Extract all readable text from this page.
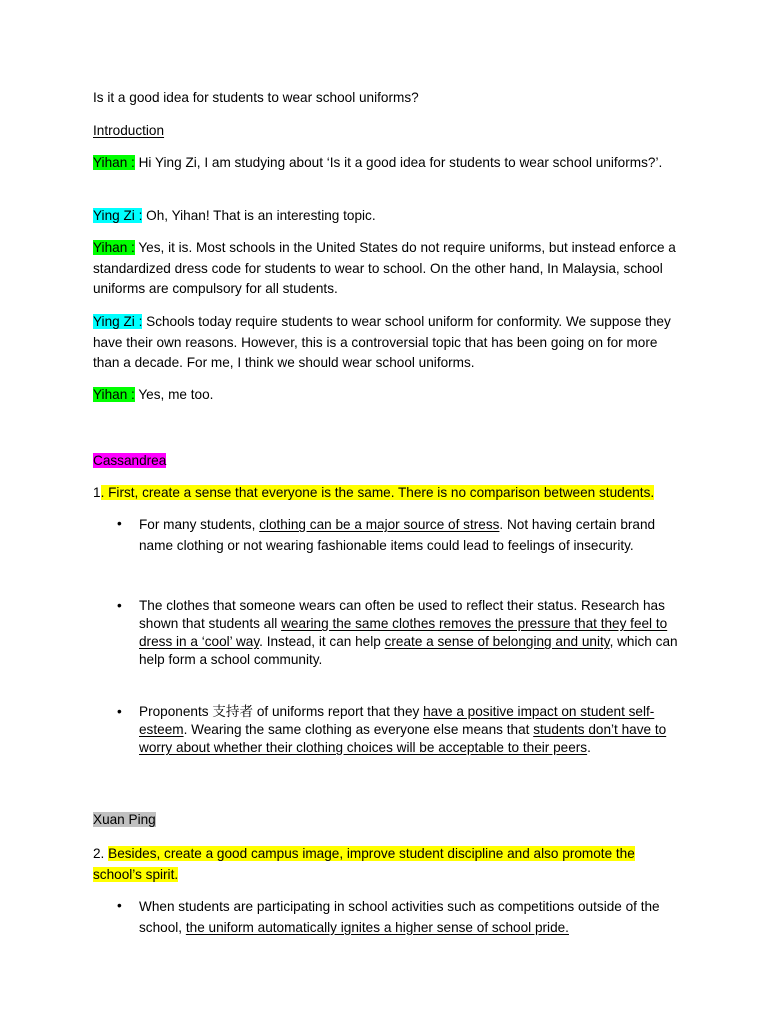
Is it a good idea for students to wear school uniforms?

Introduction

Yihan : Hi Ying Zi, I am studying about ‘Is it a good idea for students to wear school uniforms?’.

Ying Zi : Oh, Yihan! That is an interesting topic.

Yihan : Yes, it is. Most schools in the United States do not require uniforms, but instead enforce a standardized dress code for students to wear to school. On the other hand, In Malaysia, school uniforms are compulsory for all students.

Ying Zi : Schools today require students to wear school uniform for conformity. We suppose they have their own reasons. However, this is a controversial topic that has been going on for more than a decade. For me, I think we should wear school uniforms.

Yihan : Yes, me too.

Cassandrea

1. First, create a sense that everyone is the same. There is no comparison between students.

•	For many students, clothing can be a major source of stress. Not having certain brand name clothing or not wearing fashionable items could lead to feelings of insecurity.

•	The clothes that someone wears can often be used to reflect their status. Research has shown that students all wearing the same clothes removes the pressure that they feel to dress in a ‘cool’ way. Instead, it can help create a sense of belonging and unity, which can help form a school community.

•	Proponents 支持者 of uniforms report that they have a positive impact on student self-esteem. Wearing the same clothing as everyone else means that students don’t have to worry about whether their clothing choices will be acceptable to their peers.

Xuan Ping

2. Besides, create a good campus image, improve student discipline and also promote the school’s spirit.

•	When students are participating in school activities such as competitions outside of the school, the uniform automatically ignites a higher sense of school pride.
